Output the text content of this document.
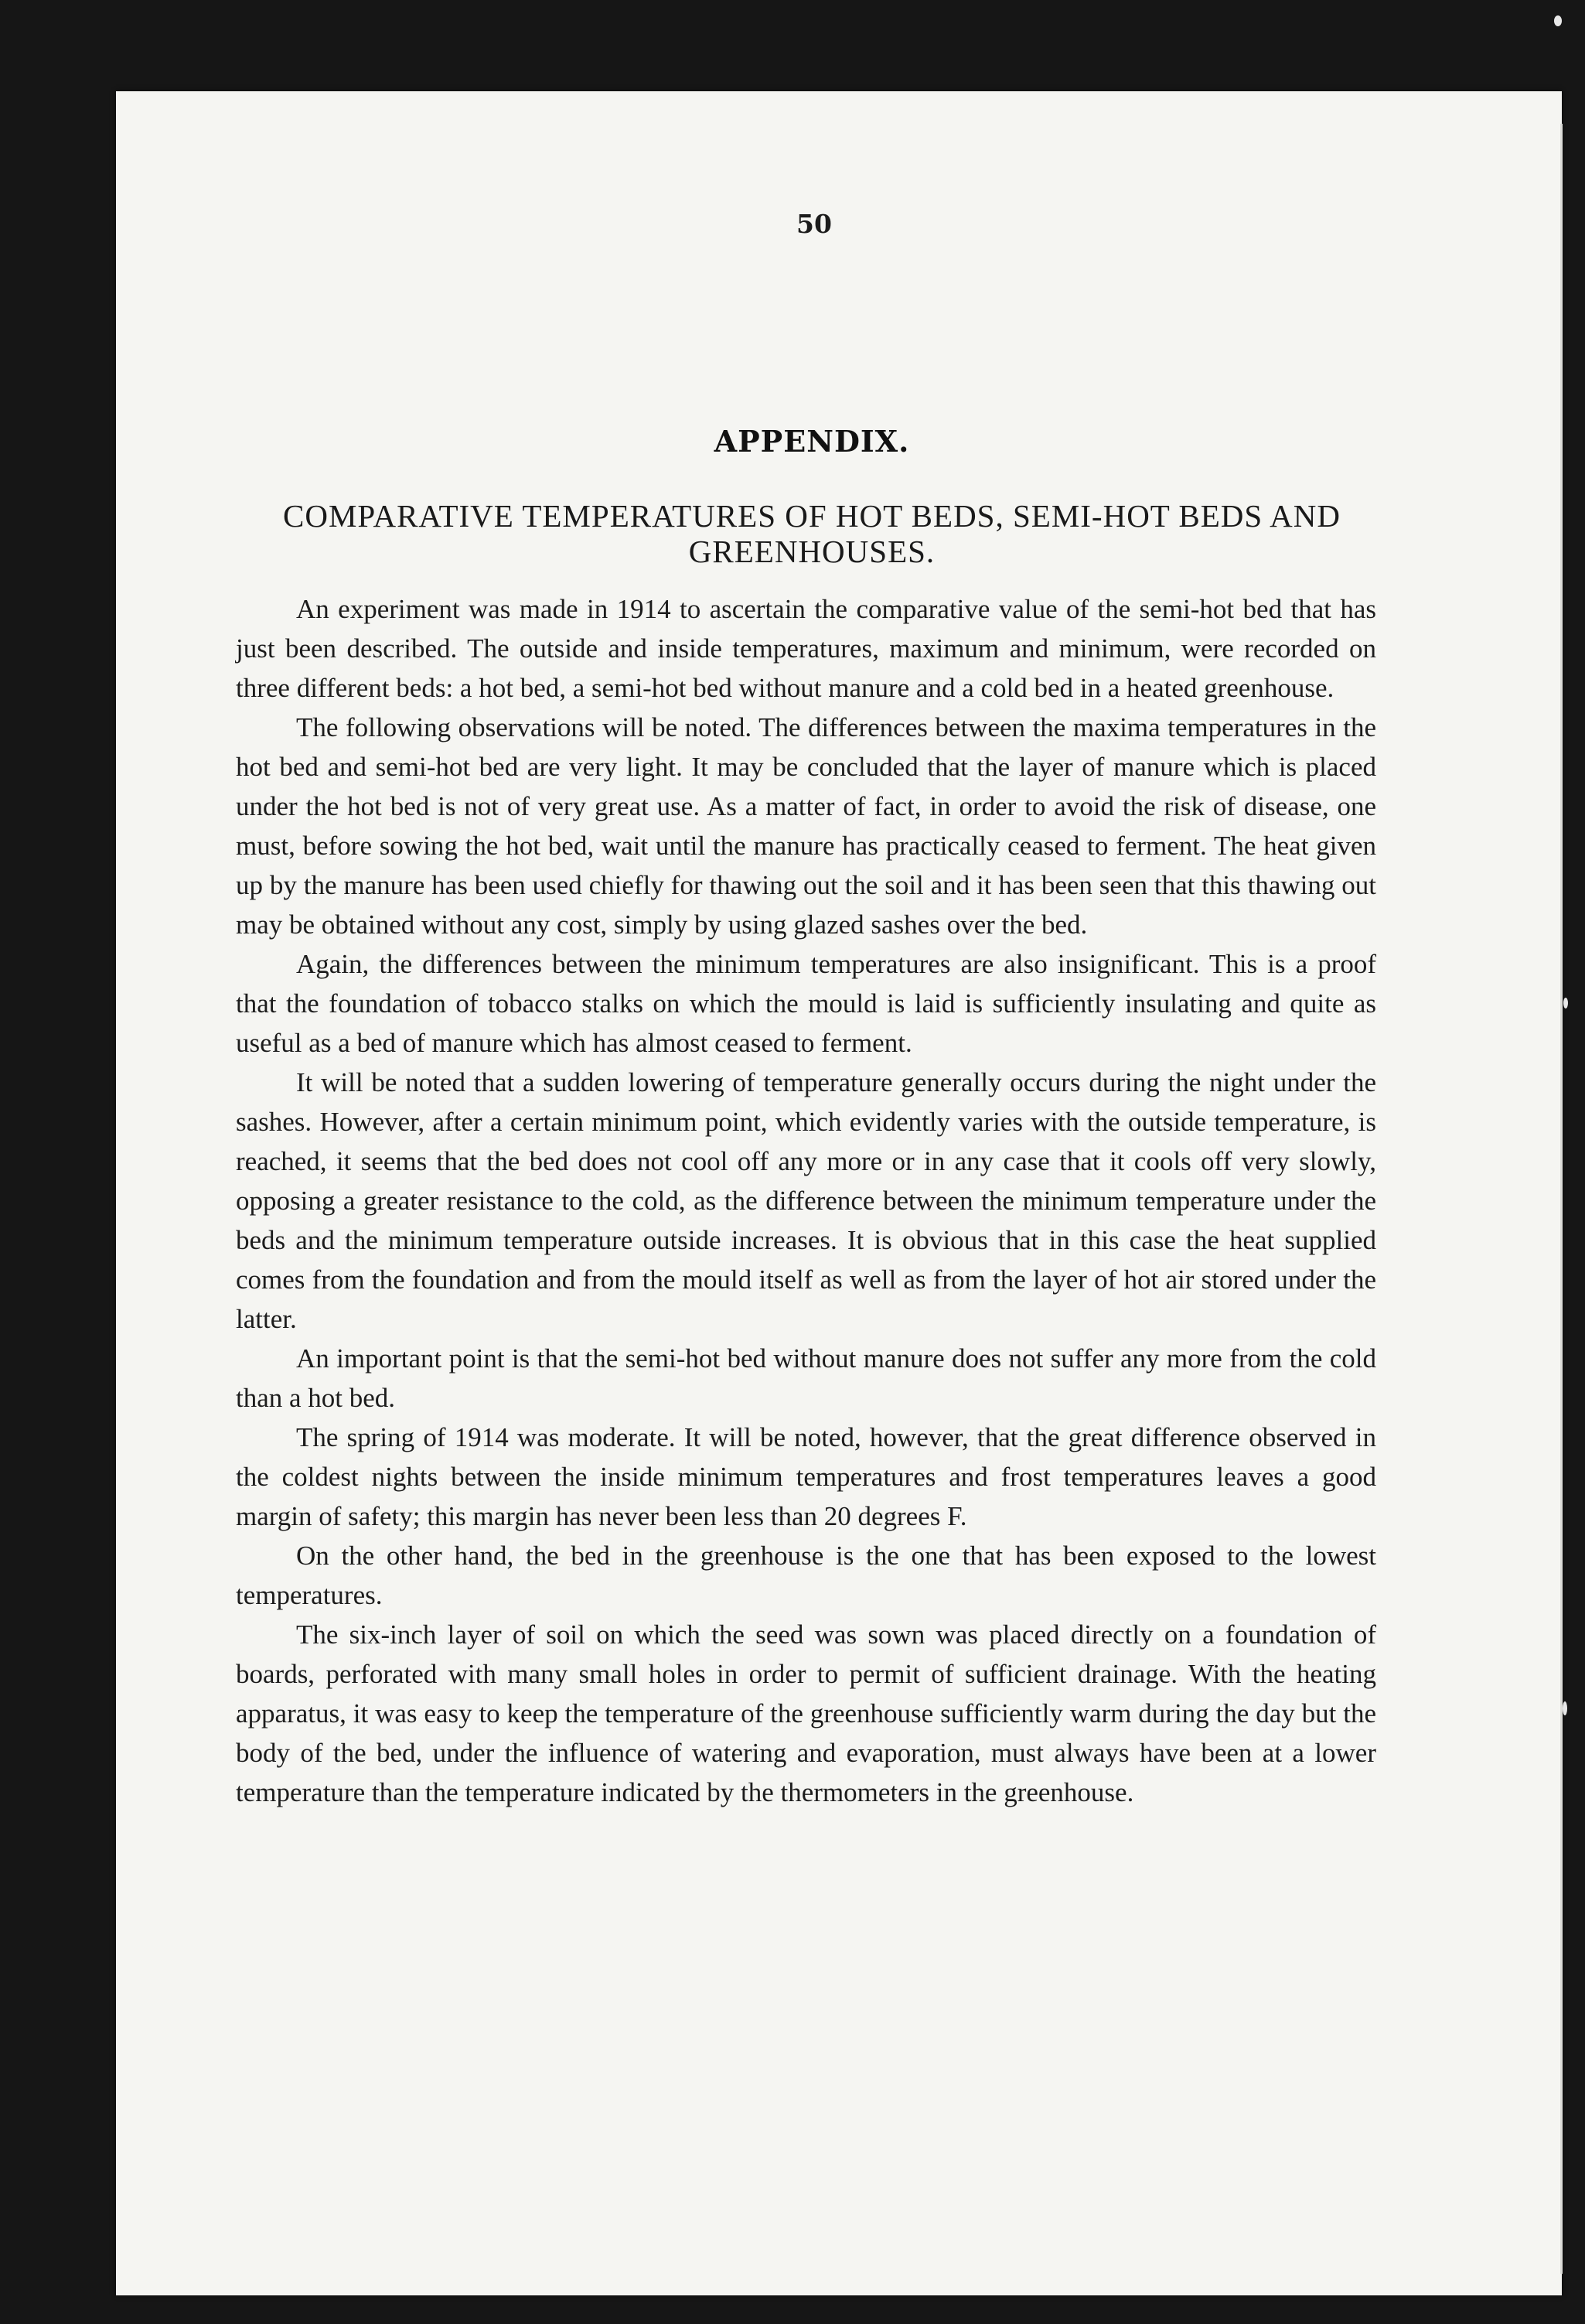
50
APPENDIX.
COMPARATIVE TEMPERATURES OF HOT BEDS, SEMI-HOT BEDS AND GREENHOUSES.

An experiment was made in 1914 to ascertain the comparative value of the semi-hot bed that has just been described. The outside and inside temperatures, maximum and minimum, were recorded on three different beds: a hot bed, a semi-hot bed without manure and a cold bed in a heated greenhouse.

The following observations will be noted. The differences between the maxima temperatures in the hot bed and semi-hot bed are very light. It may be concluded that the layer of manure which is placed under the hot bed is not of very great use. As a matter of fact, in order to avoid the risk of disease, one must, before sowing the hot bed, wait until the manure has practically ceased to ferment. The heat given up by the manure has been used chiefly for thawing out the soil and it has been seen that this thawing out may be obtained without any cost, simply by using glazed sashes over the bed.

Again, the differences between the minimum temperatures are also insignificant. This is a proof that the foundation of tobacco stalks on which the mould is laid is sufficiently insulating and quite as useful as a bed of manure which has almost ceased to ferment.

It will be noted that a sudden lowering of temperature generally occurs during the night under the sashes. However, after a certain minimum point, which evidently varies with the outside temperature, is reached, it seems that the bed does not cool off any more or in any case that it cools off very slowly, opposing a greater resistance to the cold, as the difference between the minimum temperature under the beds and the minimum temperature outside increases. It is obvious that in this case the heat supplied comes from the foundation and from the mould itself as well as from the layer of hot air stored under the latter.

An important point is that the semi-hot bed without manure does not suffer any more from the cold than a hot bed.

The spring of 1914 was moderate. It will be noted, however, that the great difference observed in the coldest nights between the inside minimum temperatures and frost temperatures leaves a good margin of safety; this margin has never been less than 20 degrees F.

On the other hand, the bed in the greenhouse is the one that has been exposed to the lowest temperatures.

The six-inch layer of soil on which the seed was sown was placed directly on a foundation of boards, perforated with many small holes in order to permit of sufficient drainage. With the heating apparatus, it was easy to keep the temperature of the greenhouse sufficiently warm during the day but the body of the bed, under the influence of watering and evaporation, must always have been at a lower temperature than the temperature indicated by the thermometers in the greenhouse.
